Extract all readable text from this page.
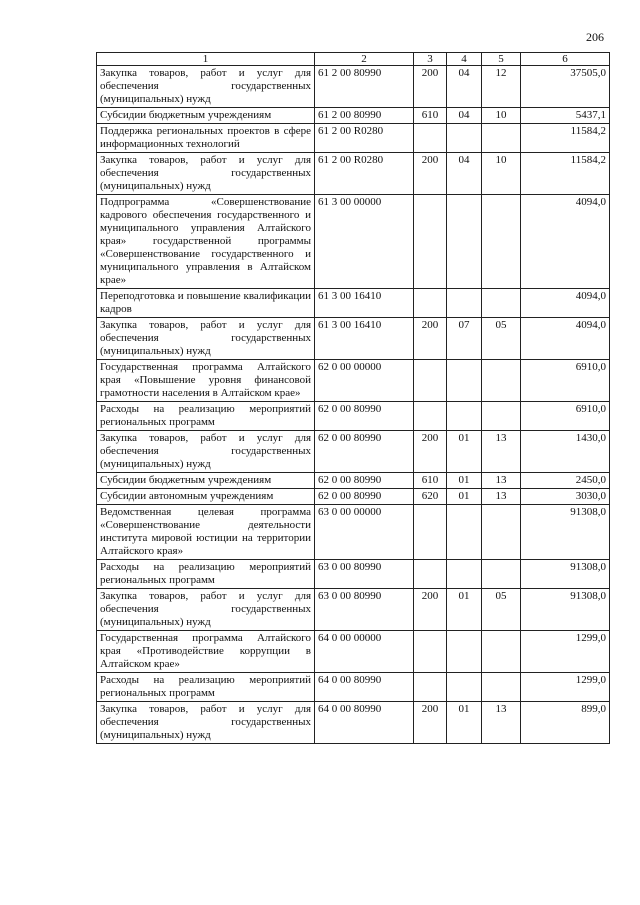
206
1	2	3	4	5	6
Закупка товаров, работ и услуг для обеспечения государственных (муниципальных) нужд	61 2 00 80990	200	04	12	37505,0
Субсидии бюджетным учреждениям	61 2 00 80990	610	04	10	5437,1
Поддержка региональных проектов в сфере информационных технологий	61 2 00 R0280				11584,2
Закупка товаров, работ и услуг для обеспечения государственных (муниципальных) нужд	61 2 00 R0280	200	04	10	11584,2
Подпрограмма «Совершенствование кадрового обеспечения государственного и муниципального управления Алтайского края» государственной программы «Совершенствование государственного и муниципального управления в Алтайском крае»	61 3 00 00000				4094,0
Переподготовка и повышение квалификации кадров	61 3 00 16410				4094,0
Закупка товаров, работ и услуг для обеспечения государственных (муниципальных) нужд	61 3 00 16410	200	07	05	4094,0
Государственная программа Алтайского края «Повышение уровня финансовой грамотности населения в Алтайском крае»	62 0 00 00000				6910,0
Расходы на реализацию мероприятий региональных программ	62 0 00 80990				6910,0
Закупка товаров, работ и услуг для обеспечения государственных (муниципальных) нужд	62 0 00 80990	200	01	13	1430,0
Субсидии бюджетным учреждениям	62 0 00 80990	610	01	13	2450,0
Субсидии автономным учреждениям	62 0 00 80990	620	01	13	3030,0
Ведомственная целевая программа «Совершенствование деятельности института мировой юстиции на территории Алтайского края»	63 0 00 00000				91308,0
Расходы на реализацию мероприятий региональных программ	63 0 00 80990				91308,0
Закупка товаров, работ и услуг для обеспечения государственных (муниципальных) нужд	63 0 00 80990	200	01	05	91308,0
Государственная программа Алтайского края «Противодействие коррупции в Алтайском крае»	64 0 00 00000				1299,0
Расходы на реализацию мероприятий региональных программ	64 0 00 80990				1299,0
Закупка товаров, работ и услуг для обеспечения государственных (муниципальных) нужд	64 0 00 80990	200	01	13	899,0
